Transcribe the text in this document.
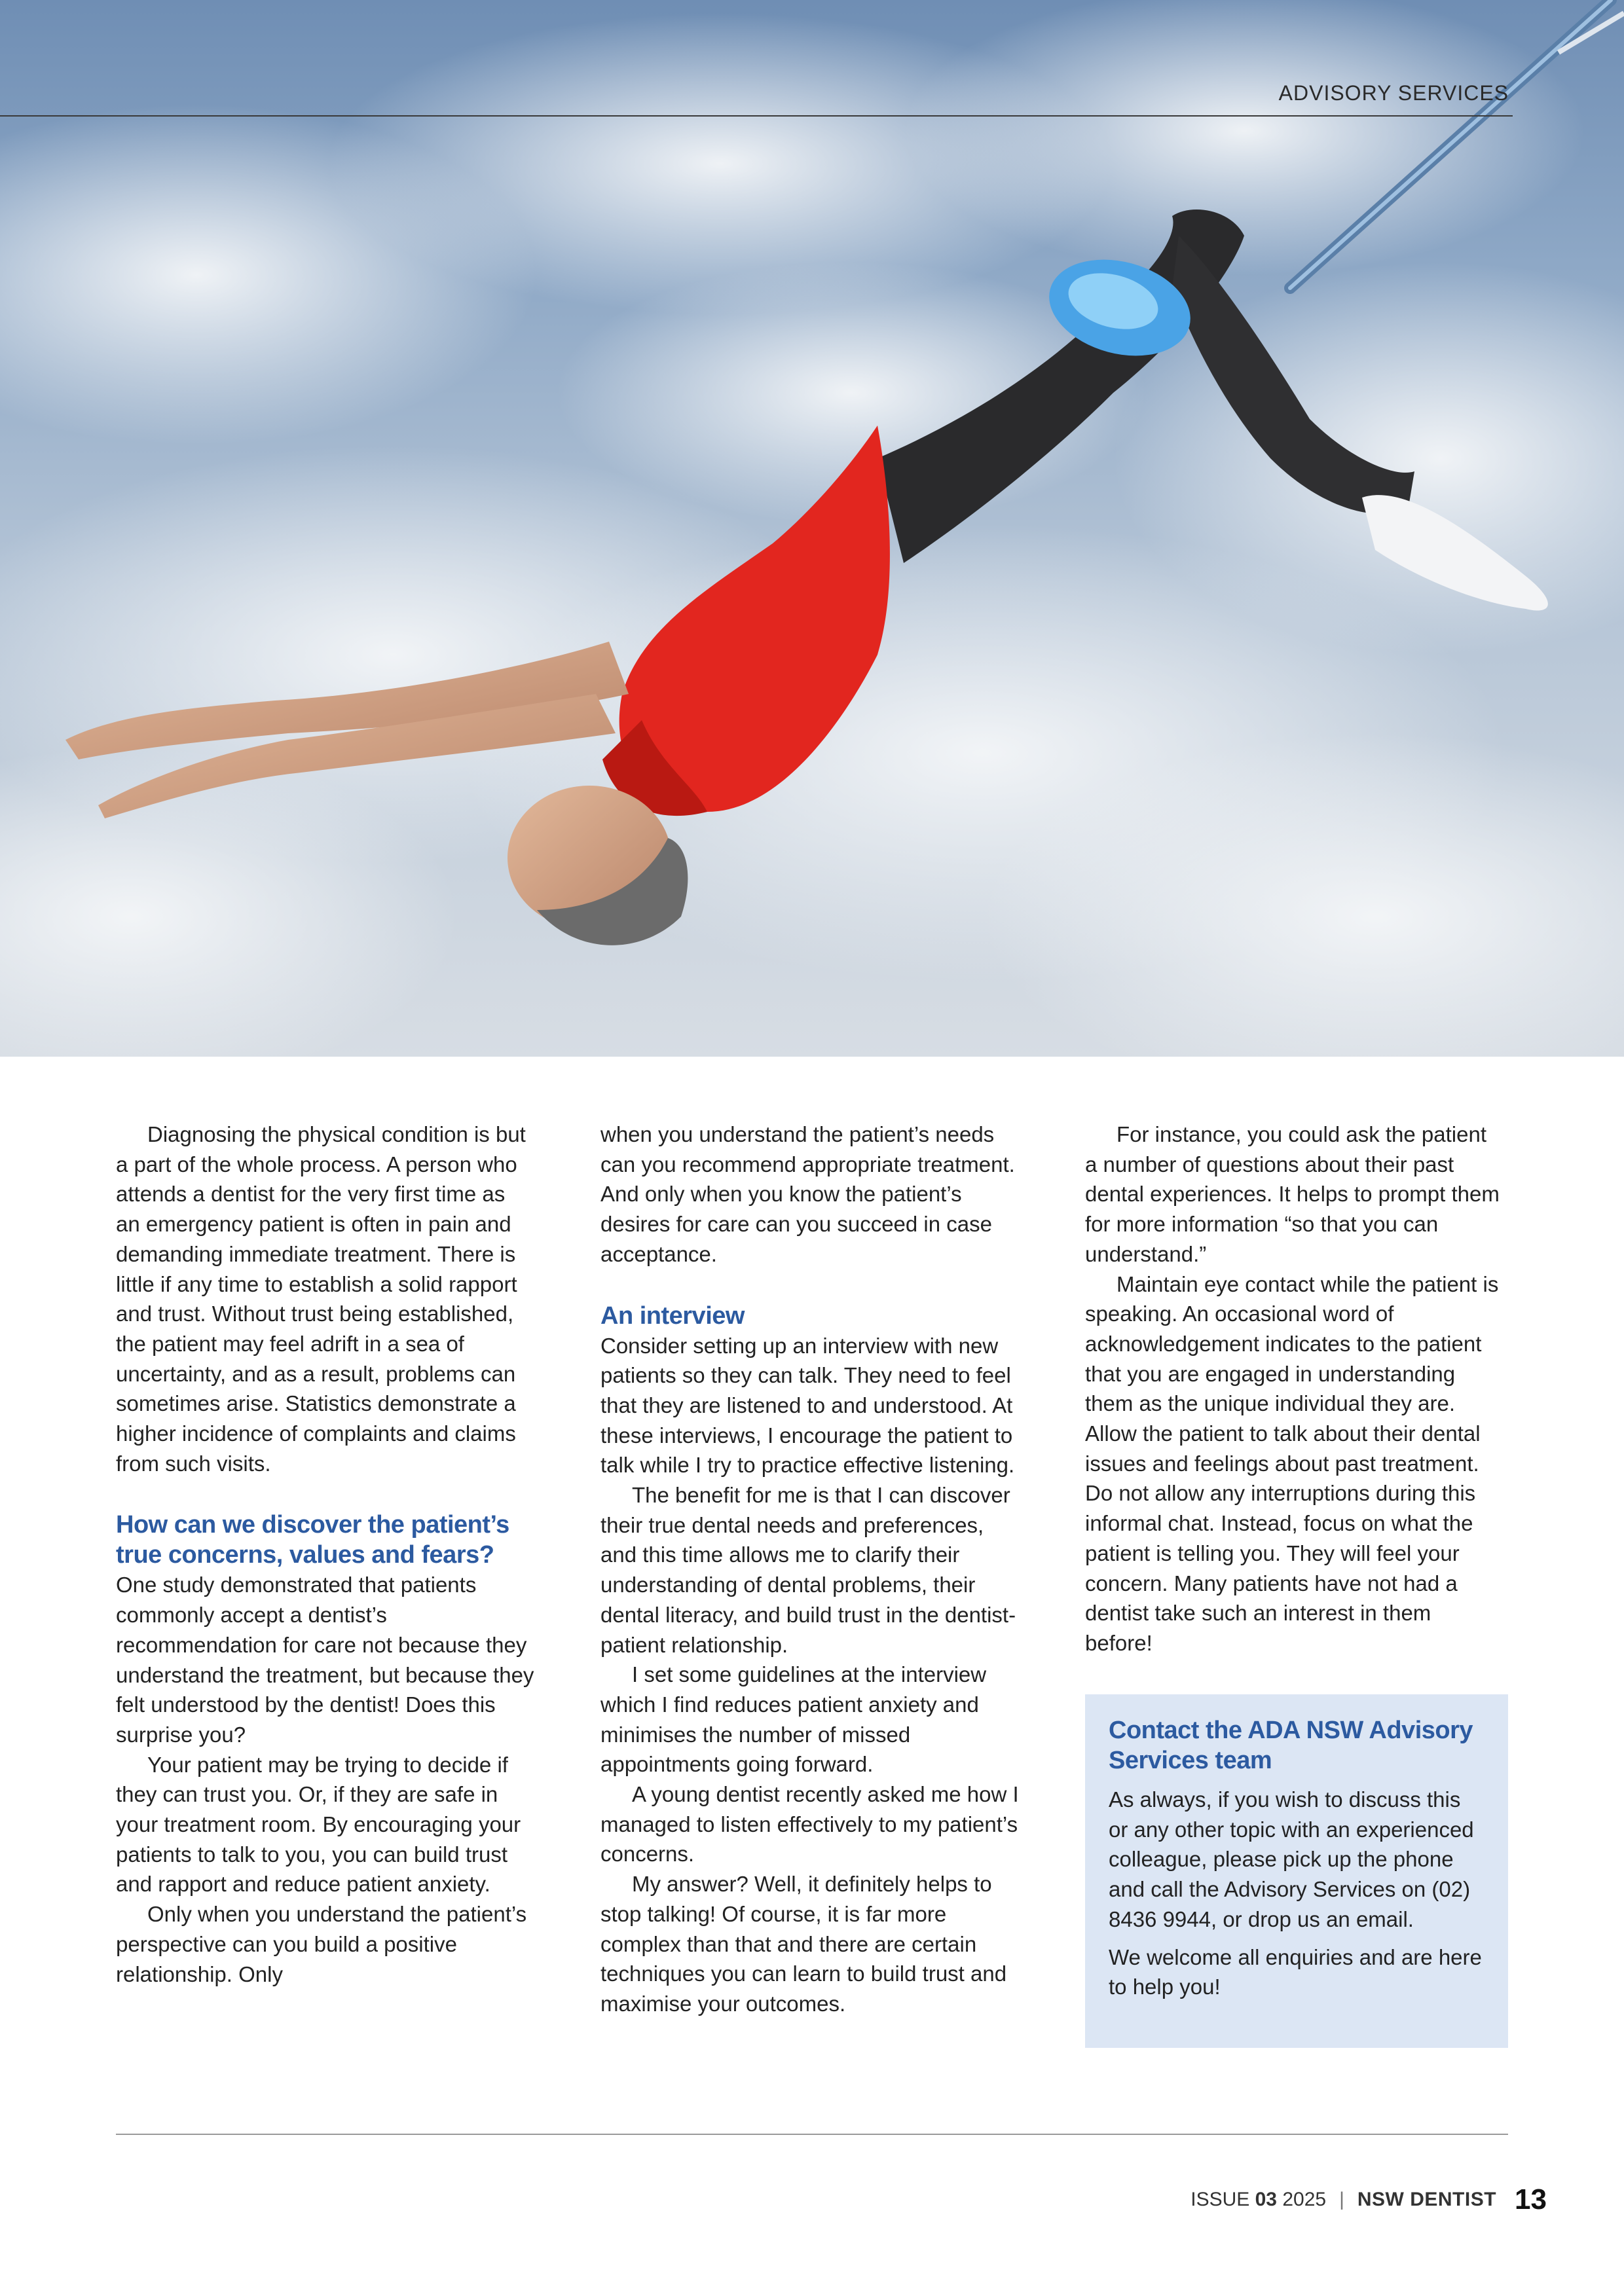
ADVISORY SERVICES

Diagnosing the physical condition is but a part of the whole process. A person who attends a dentist for the very first time as an emergency patient is often in pain and demanding immediate treatment. There is little if any time to establish a solid rapport and trust. Without trust being established, the patient may feel adrift in a sea of uncertainty, and as a result, problems can sometimes arise. Statistics demonstrate a higher incidence of complaints and claims from such visits.

How can we discover the patient’s true concerns, values and fears?

One study demonstrated that patients commonly accept a dentist’s recommendation for care not because they understand the treatment, but because they felt understood by the dentist! Does this surprise you?

Your patient may be trying to decide if they can trust you. Or, if they are safe in your treatment room. By encouraging your patients to talk to you, you can build trust and rapport and reduce patient anxiety.

Only when you understand the patient’s perspective can you build a positive relationship. Only

when you understand the patient’s needs can you recommend appropriate treatment. And only when you know the patient’s desires for care can you succeed in case acceptance.

An interview

Consider setting up an interview with new patients so they can talk. They need to feel that they are listened to and understood. At these interviews, I encourage the patient to talk while I try to practice effective listening.

The benefit for me is that I can discover their true dental needs and preferences, and this time allows me to clarify their understanding of dental problems, their dental literacy, and build trust in the dentist-patient relationship.

I set some guidelines at the interview which I find reduces patient anxiety and minimises the number of missed appointments going forward.

A young dentist recently asked me how I managed to listen effectively to my patient’s concerns.

My answer? Well, it definitely helps to stop talking! Of course, it is far more complex than that and there are certain techniques you can learn to build trust and maximise your outcomes.

For instance, you could ask the patient a number of questions about their past dental experiences. It helps to prompt them for more information “so that you can understand.”

Maintain eye contact while the patient is speaking. An occasional word of acknowledgement indicates to the patient that you are engaged in understanding them as the unique individual they are. Allow the patient to talk about their dental issues and feelings about past treatment. Do not allow any interruptions during this informal chat. Instead, focus on what the patient is telling you. They will feel your concern. Many patients have not had a dentist take such an interest in them before!

Contact the ADA NSW Advisory Services team

As always, if you wish to discuss this or any other topic with an experienced colleague, please pick up the phone and call the Advisory Services on (02) 8436 9944, or drop us an email.

We welcome all enquiries and are here to help you!

ISSUE 03 2025 | NSW DENTIST 13
